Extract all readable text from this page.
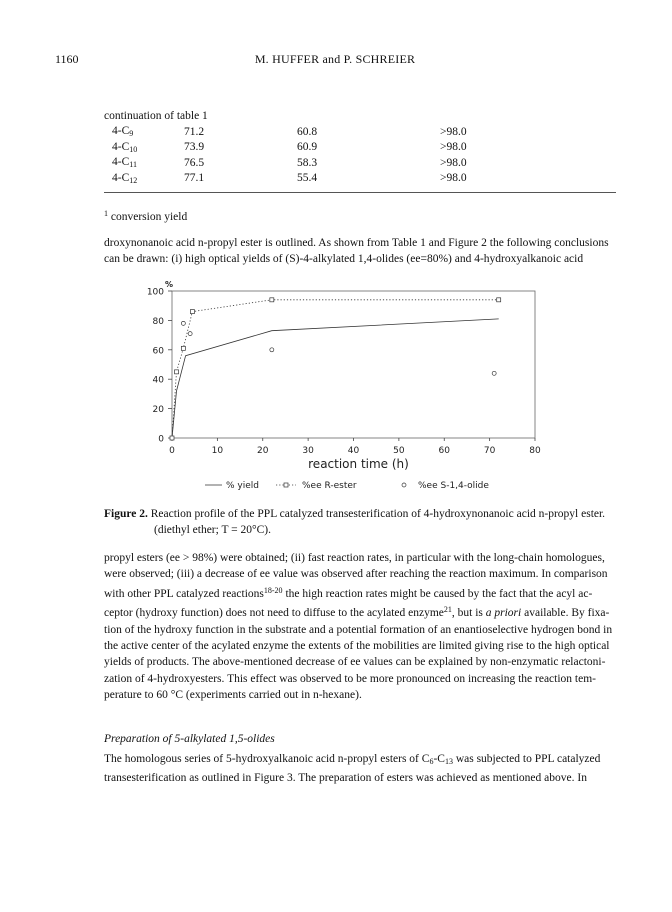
1160	M. HUFFER and P. SCHREIER
continuation of table 1
$4-C_9$	71.2	60.8	>98.0
$4-C_{10}$	73.9	60.9	>98.0
$4-C_{11}$	76.5	58.3	>98.0
$4-C_{12}$	77.1	55.4	>98.0
$^1$ conversion yield
droxynonanoic acid n-propyl ester is outlined. As shown from Table 1 and Figure 2 the following conclusions
can be drawn: (i) high optical yields of (S)-4-alkylated 1,4-olides (ee=80%) and 4-hydroxyalkanoic acid
0
20
40
60
80
100
0	10	20	30	40	50	60	70	80
%
reaction time (h)
% yield	%ee R-ester	%ee S-1,4-olide
Figure 2. Reaction profile of the PPL catalyzed transesterification of 4-hydroxynonanoic acid n-propyl ester.
(diethyl ether; T = 20°C).
propyl esters (ee > 98%) were obtained; (ii) fast reaction rates, in particular with the long-chain homologues,
were observed; (iii) a decrease of ee value was observed after reaching the reaction maximum. In comparison
with other PPL catalyzed reactions$^{18-20}$ the high reaction rates might be caused by the fact that the acyl ac-
ceptor (hydroxy function) does not need to diffuse to the acylated enzyme$^{21}$, but is a priori available. By fixa-
tion of the hydroxy function in the substrate and a potential formation of an enantioselective hydrogen bond in
the active center of the acylated enzyme the extents of the mobilities are limited giving rise to the high optical
yields of products. The above-mentioned decrease of ee values can be explained by non-enzymatic relactoni-
zation of 4-hydroxyesters. This effect was observed to be more pronounced on increasing the reaction tem-
perature to 60 °C (experiments carried out in n-hexane).
Preparation of 5-alkylated 1,5-olides
The homologous series of 5-hydroxyalkanoic acid n-propyl esters of $C_6-C_{13}$ was subjected to PPL catalyzed
transesterification as outlined in Figure 3. The preparation of esters was achieved as mentioned above. In
